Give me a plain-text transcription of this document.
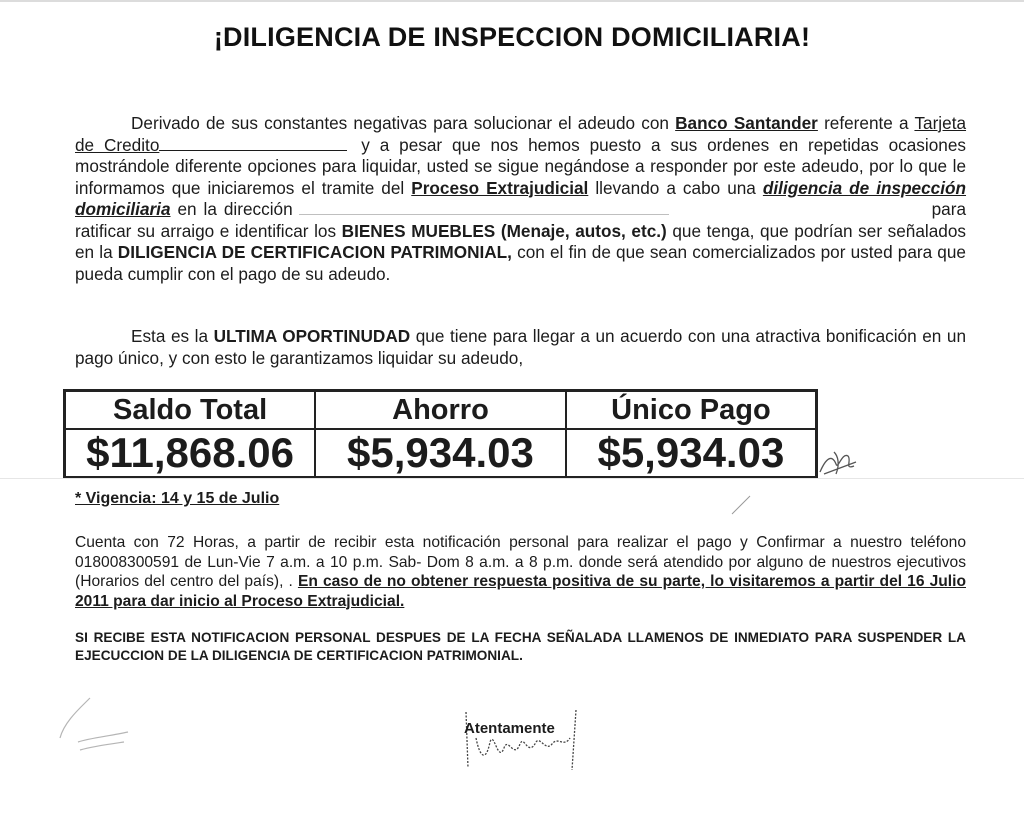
¡DILIGENCIA DE INSPECCION DOMICILIARIA!
Derivado de sus constantes negativas para solucionar el adeudo con Banco Santander referente a Tarjeta de Credito	y a pesar que nos hemos puesto a sus ordenes en repetidas ocasiones mostrándole diferente opciones para liquidar, usted se sigue negándose a responder por este adeudo, por lo que le informamos que iniciaremos el tramite del Proceso Extrajudicial llevando a cabo una diligencia de inspección domiciliaria en la dirección	para ratificar su arraigo e identificar los BIENES MUEBLES (Menaje, autos, etc.) que tenga, que podrían ser señalados en la DILIGENCIA DE CERTIFICACION PATRIMONIAL, con el fin de que sean comercializados por usted para que pueda cumplir con el pago de su adeudo.
Esta es la ULTIMA OPORTINUDAD que tiene para llegar a un acuerdo con una atractiva bonificación en un pago único, y con esto le garantizamos liquidar su adeudo,
Saldo Total	Ahorro	Único Pago
$11,868.06	$5,934.03	$5,934.03
* Vigencia: 14 y 15 de Julio
Cuenta con 72 Horas, a partir de recibir esta notificación personal para realizar el pago y Confirmar a nuestro teléfono 018008300591 de Lun-Vie 7 a.m. a 10 p.m. Sab- Dom 8 a.m. a 8 p.m. donde será atendido por alguno de nuestros ejecutivos (Horarios del centro del país), . En caso de no obtener respuesta positiva de su parte, lo visitaremos a partir del 16 Julio 2011 para dar inicio al Proceso Extrajudicial.
SI RECIBE ESTA NOTIFICACION PERSONAL DESPUES DE LA FECHA SEÑALADA LLAMENOS DE INMEDIATO PARA SUSPENDER LA EJECUCCION DE LA DILIGENCIA DE CERTIFICACION PATRIMONIAL.
Atentamente
